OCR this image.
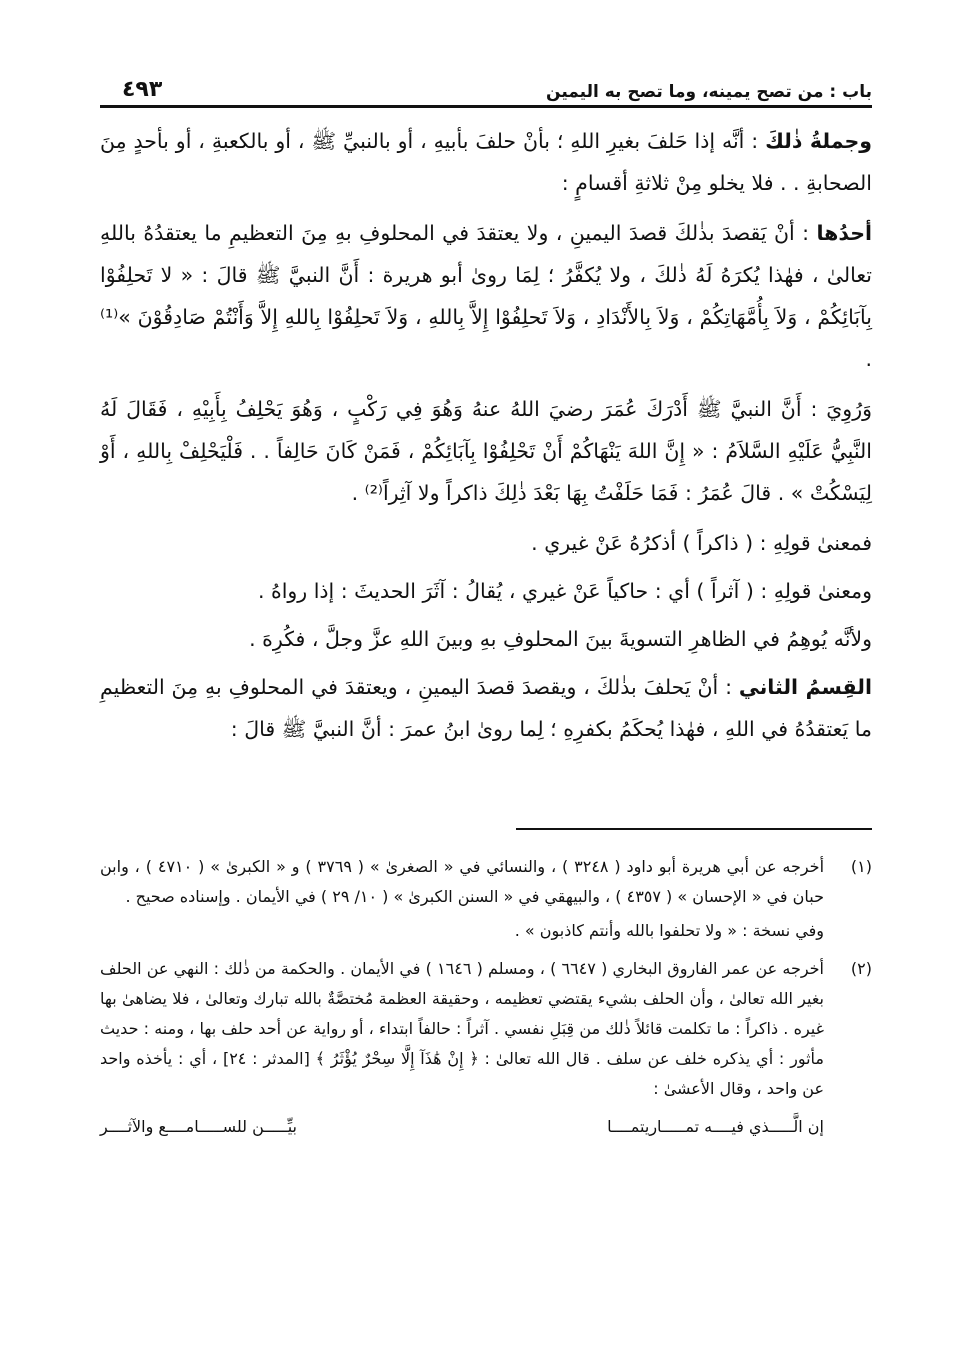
باب : من تصح يمينه، وما تصح به اليمين
٤٩٣

وجملةُ ذٰلكَ : أنَّه إذا حَلفَ بغيرِ اللهِ ؛ بأنْ حلفَ بأبيهِ ، أو بالنبيِّ ﷺ ، أو بالكعبةِ ، أو بأحدٍ مِنَ الصحابةِ . . فلا يخلو مِنْ ثلاثةِ أقسامٍ :

أحدُها : أنْ يَقصدَ بذٰلكَ قصدَ اليمينِ ، ولا يعتقدَ في المحلوفِ بهِ مِنَ التعظيمِ ما يعتقدُهُ باللهِ تعالىٰ ، فهٰذا يُكرَهُ لَهُ ذٰلكَ ، ولا يُكفَّرُ ؛ لِمَا روىٰ أبو هريرة : أَنَّ النبيَّ ﷺ قالَ : « لا تَحلِفُوْا بِآبَائِكُمْ ، وَلاَ بِأُمَّهَاتِكُمْ ، وَلاَ بِالأَنْدَادِ ، وَلاَ تَحلِفُوْا إِلاَّ بِاللهِ ، وَلاَ تَحلِفُوْا بِاللهِ إِلاَّ وَأَنْتُمْ صَادِقُوْنَ »⁽¹⁾ .

وَرُوِيَ : أَنَّ النبيَّ ﷺ أَدْرَكَ عُمَرَ رضيَ اللهُ عنهُ وَهُوَ فِي رَكْبٍ ، وَهُوَ يَحْلِفُ بِأَبِيْهِ ، فَقَالَ لَهُ النَّبِيُّ عَلَيْهِ السَّلاَمُ : « إِنَّ اللهَ يَنْهَاكُمْ أَنْ تَحْلِفُوْا بِآبَائِكُمْ ، فَمَنْ كَانَ حَالِفاً . . فَلْيَحْلِفْ بِاللهِ ، أَوْ لِيَسْكُتْ » . قالَ عُمَرُ : فَمَا حَلَفْتُ بِهَا بَعْدَ ذٰلِكَ ذاكراً ولا آثِراً⁽²⁾ .

فمعنىٰ قولِهِ : ( ذاكراً ) أذكرُهُ عَنْ غيري .

ومعنىٰ قولِهِ : ( آثراً ) أي : حاكياً عَنْ غيري ، يُقالُ : آثَرَ الحديثَ : إذا رواهُ .

ولأنَّه يُوهِمُ في الظاهرِ التسويةَ بينَ المحلوفِ بهِ وبينَ اللهِ عزَّ وجلَّ ، فكُرِهَ .

القِسمُ الثاني : أنْ يَحلفَ بذٰلكَ ، ويقصدَ قصدَ اليمينِ ، ويعتقدَ في المحلوفِ بهِ مِنَ التعظيمِ ما يَعتقدُهُ في اللهِ ، فهٰذا يُحكَمُ بكفرِهِ ؛ لِما روىٰ ابنُ عمرَ : أنَّ النبيَّ ﷺ قالَ :

(١)

أخرجه عن أبي هريرة أبو داود ( ٣٢٤٨ ) ، والنسائي في « الصغرىٰ » ( ٣٧٦٩ ) و « الكبرىٰ » ( ٤٧١٠ ) ، وابن حبان في « الإحسان » ( ٤٣٥٧ ) ، والبيهقي في « السنن الكبرىٰ » ( ١٠/ ٢٩ ) في الأيمان . وإسناده صحيح .

وفي نسخة : « ولا تحلفوا بالله وأنتم كاذبون » .

(٢)

أخرجه عن عمر الفاروق البخاري ( ٦٦٤٧ ) ، ومسلم ( ١٦٤٦ ) في الأيمان . والحكمة من ذٰلك : النهي عن الحلف بغير الله تعالىٰ ، وأن الحلف بشيء يقتضي تعظيمه ، وحقيقة العظمة مُختصَّةٌ بالله تبارك وتعالىٰ ، فلا يضاهىٰ بها غيره . ذاكراً : ما تكلمت قائلاً ذٰلك من قِبَلِ نفسي . آثراً : حالفاً ابتداء ، أو رواية عن أحد حلف بها ، ومنه : حديث مأثور : أي يذكره خلف عن سلف . قال الله تعالىٰ : ﴿ إِنْ هَٰذَآ إِلَّا سِحْرٌ يُؤْثَرُ ﴾ [المدثر : ٢٤] ، أي : يأخذه واحد عن واحد ، وقال الأعشىٰ :

إن الَّـــــذي فيــــه تمـــــاريتمــــا
بيِّـــــن للســـــامــــع والآثــــر
